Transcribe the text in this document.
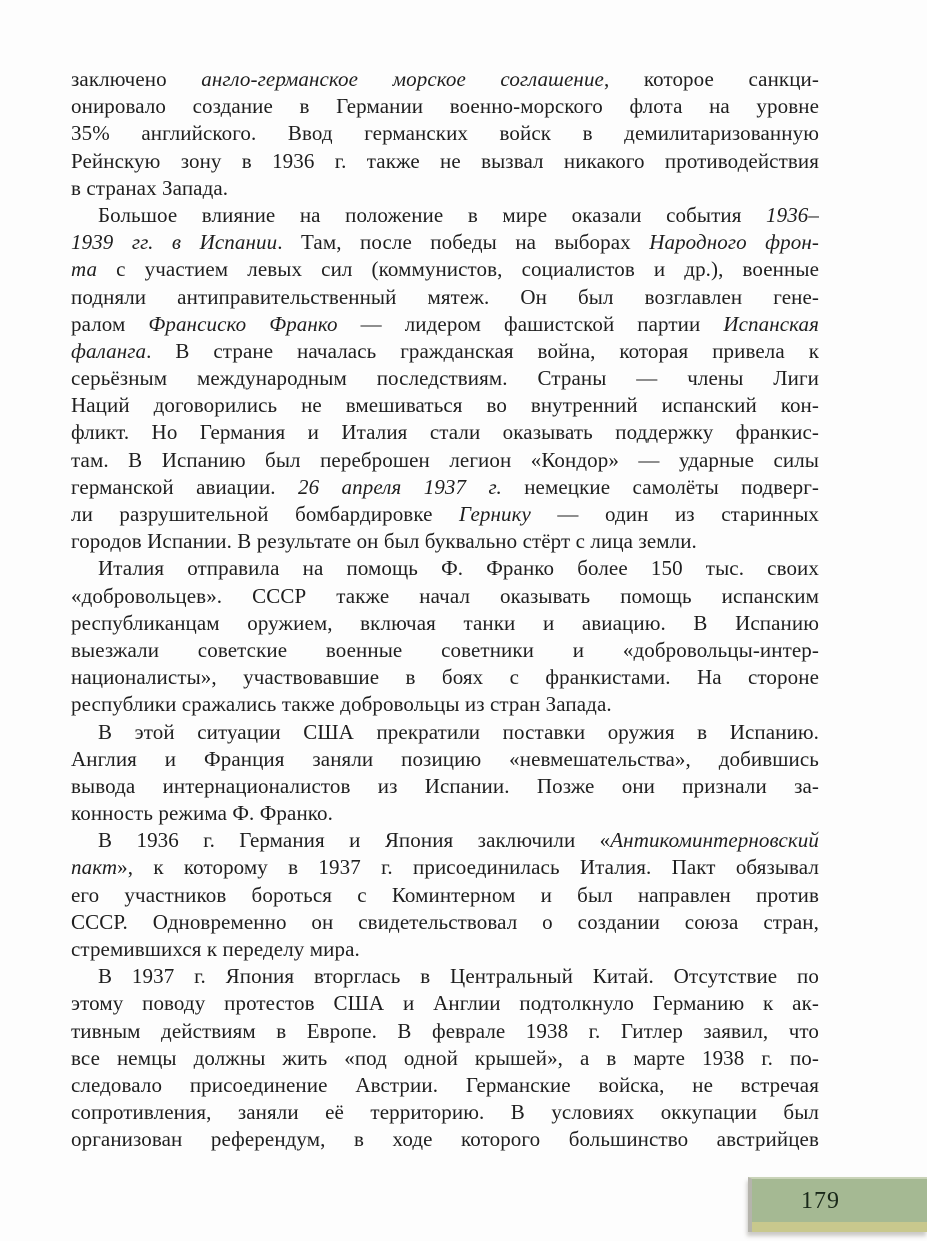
заключено англо-германское морское соглашение, которое санкци-
онировало создание в Германии военно-морского флота на уровне
35% английского. Ввод германских войск в демилитаризованную
Рейнскую зону в 1936 г. также не вызвал никакого противодействия
в странах Запада.
Большое влияние на положение в мире оказали события 1936–
1939 гг. в Испании. Там, после победы на выборах Народного фрон-
та с участием левых сил (коммунистов, социалистов и др.), военные
подняли антиправительственный мятеж. Он был возглавлен гене-
ралом Франсиско Франко — лидером фашистской партии Испанская
фаланга. В стране началась гражданская война, которая привела к
серьёзным международным последствиям. Страны — члены Лиги
Наций договорились не вмешиваться во внутренний испанский кон-
фликт. Но Германия и Италия стали оказывать поддержку франкис-
там. В Испанию был переброшен легион «Кондор» — ударные силы
германской авиации. 26 апреля 1937 г. немецкие самолёты подверг-
ли разрушительной бомбардировке Гернику — один из старинных
городов Испании. В результате он был буквально стёрт с лица земли.
Италия отправила на помощь Ф. Франко более 150 тыс. своих
«добровольцев». СССР также начал оказывать помощь испанским
республиканцам оружием, включая танки и авиацию. В Испанию
выезжали советские военные советники и «добровольцы-интер-
националисты», участвовавшие в боях с франкистами. На стороне
республики сражались также добровольцы из стран Запада.
В этой ситуации США прекратили поставки оружия в Испанию.
Англия и Франция заняли позицию «невмешательства», добившись
вывода интернационалистов из Испании. Позже они признали за-
конность режима Ф. Франко.
В 1936 г. Германия и Япония заключили «Антикоминтерновский
пакт», к которому в 1937 г. присоединилась Италия. Пакт обязывал
его участников бороться с Коминтерном и был направлен против
СССР. Одновременно он свидетельствовал о создании союза стран,
стремившихся к переделу мира.
В 1937 г. Япония вторглась в Центральный Китай. Отсутствие по
этому поводу протестов США и Англии подтолкнуло Германию к ак-
тивным действиям в Европе. В феврале 1938 г. Гитлер заявил, что
все немцы должны жить «под одной крышей», а в марте 1938 г. по-
следовало присоединение Австрии. Германские войска, не встречая
сопротивления, заняли её территорию. В условиях оккупации был
организован референдум, в ходе которого большинство австрийцев
179
